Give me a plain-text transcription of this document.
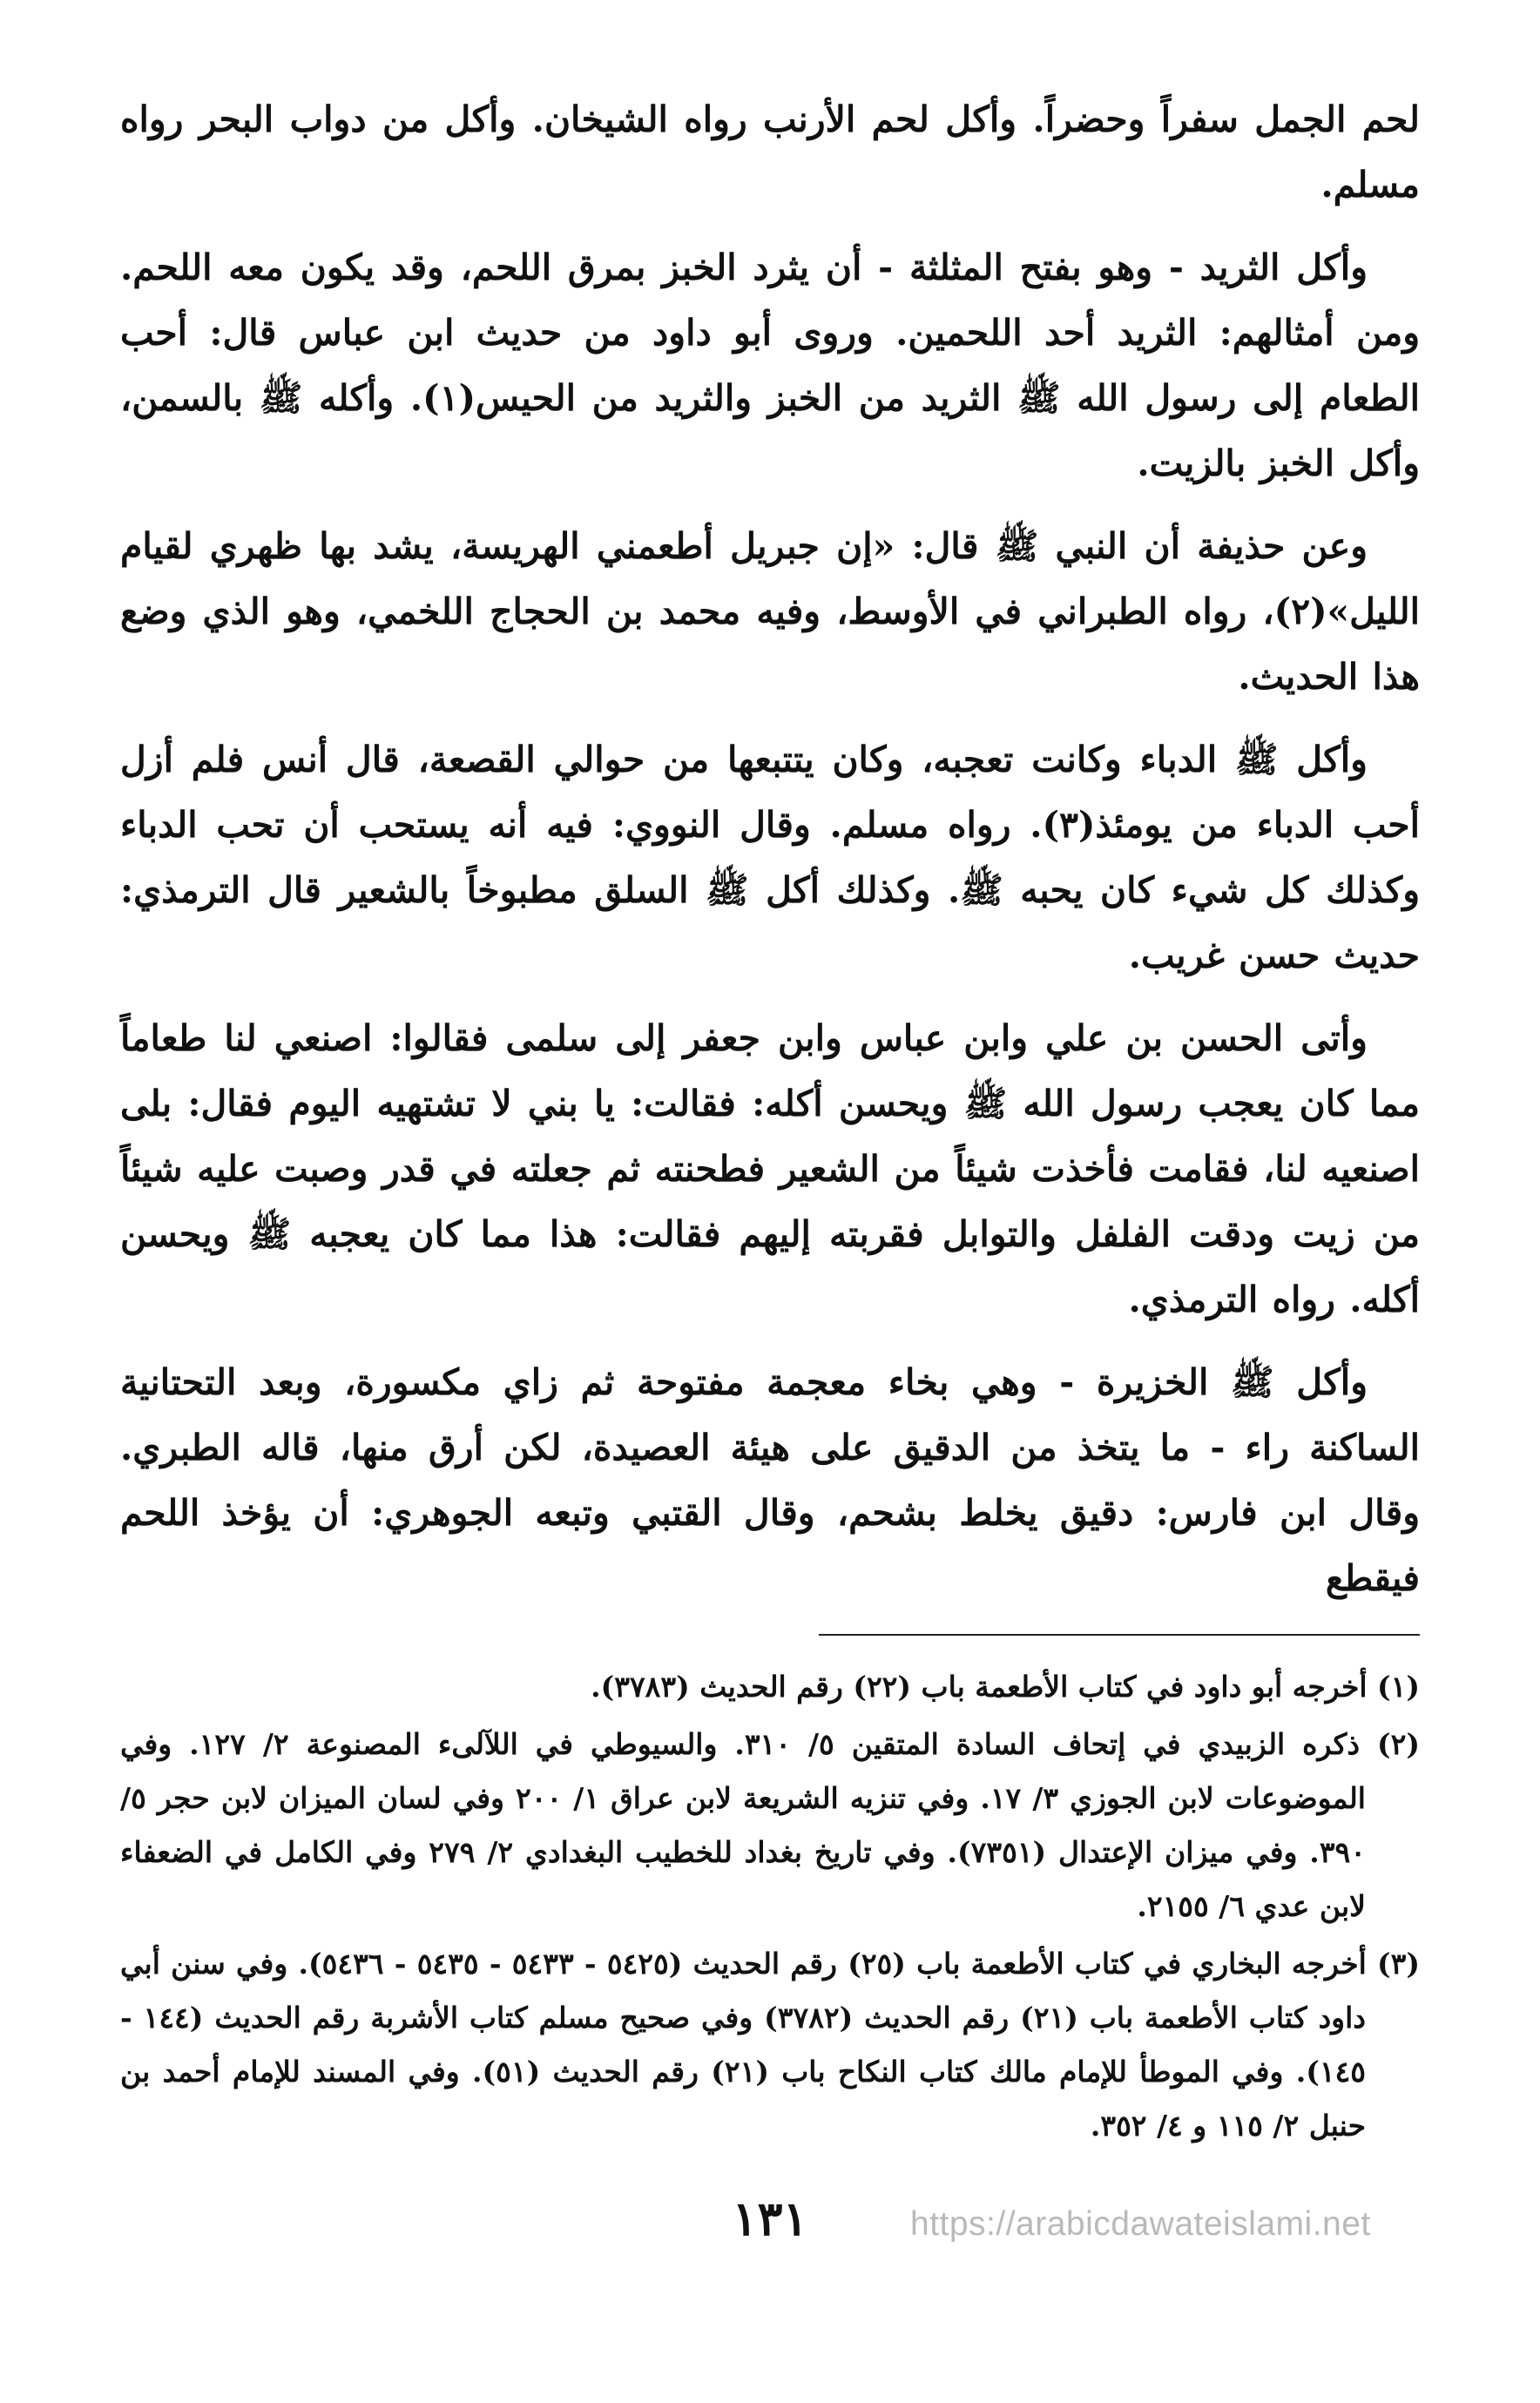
لحم الجمل سفراً وحضراً. وأكل لحم الأرنب رواه الشيخان. وأكل من دواب البحر رواه مسلم.

وأكل الثريد - وهو بفتح المثلثة - أن يثرد الخبز بمرق اللحم، وقد يكون معه اللحم. ومن أمثالهم: الثريد أحد اللحمين. وروى أبو داود من حديث ابن عباس قال: أحب الطعام إلى رسول الله ﷺ الثريد من الخبز والثريد من الحيس(١). وأكله ﷺ بالسمن، وأكل الخبز بالزيت.

وعن حذيفة أن النبي ﷺ قال: «إن جبريل أطعمني الهريسة، يشد بها ظهري لقيام الليل»(٢)، رواه الطبراني في الأوسط، وفيه محمد بن الحجاج اللخمي، وهو الذي وضع هذا الحديث.

وأكل ﷺ الدباء وكانت تعجبه، وكان يتتبعها من حوالي القصعة، قال أنس فلم أزل أحب الدباء من يومئذ(٣). رواه مسلم. وقال النووي: فيه أنه يستحب أن تحب الدباء وكذلك كل شيء كان يحبه ﷺ. وكذلك أكل ﷺ السلق مطبوخاً بالشعير قال الترمذي: حديث حسن غريب.

وأتى الحسن بن علي وابن عباس وابن جعفر إلى سلمى فقالوا: اصنعي لنا طعاماً مما كان يعجب رسول الله ﷺ ويحسن أكله: فقالت: يا بني لا تشتهيه اليوم فقال: بلى اصنعيه لنا، فقامت فأخذت شيئاً من الشعير فطحنته ثم جعلته في قدر وصبت عليه شيئاً من زيت ودقت الفلفل والتوابل فقربته إليهم فقالت: هذا مما كان يعجبه ﷺ ويحسن أكله. رواه الترمذي.

وأكل ﷺ الخزيرة - وهي بخاء معجمة مفتوحة ثم زاي مكسورة، وبعد التحتانية الساكنة راء - ما يتخذ من الدقيق على هيئة العصيدة، لكن أرق منها، قاله الطبري. وقال ابن فارس: دقيق يخلط بشحم، وقال القتبي وتبعه الجوهري: أن يؤخذ اللحم فيقطع

(١) أخرجه أبو داود في كتاب الأطعمة باب (٢٢) رقم الحديث (٣٧٨٣).

(٢) ذكره الزبيدي في إتحاف السادة المتقين ٥/ ٣١٠. والسيوطي في اللآلىء المصنوعة ٢/ ١٢٧. وفي الموضوعات لابن الجوزي ٣/ ١٧. وفي تنزيه الشريعة لابن عراق ١/ ٢٠٠ وفي لسان الميزان لابن حجر ٥/ ٣٩٠. وفي ميزان الإعتدال (٧٣٥١). وفي تاريخ بغداد للخطيب البغدادي ٢/ ٢٧٩ وفي الكامل في الضعفاء لابن عدي ٦/ ٢١٥٥.

(٣) أخرجه البخاري في كتاب الأطعمة باب (٢٥) رقم الحديث (٥٤٢٥ - ٥٤٣٣ - ٥٤٣٥ - ٥٤٣٦). وفي سنن أبي داود كتاب الأطعمة باب (٢١) رقم الحديث (٣٧٨٢) وفي صحيح مسلم كتاب الأشربة رقم الحديث (١٤٤ - ١٤٥). وفي الموطأ للإمام مالك كتاب النكاح باب (٢١) رقم الحديث (٥١). وفي المسند للإمام أحمد بن حنبل ٢/ ١١٥ و ٤/ ٣٥٢.

١٣١	https://arabicdawateislami.net
